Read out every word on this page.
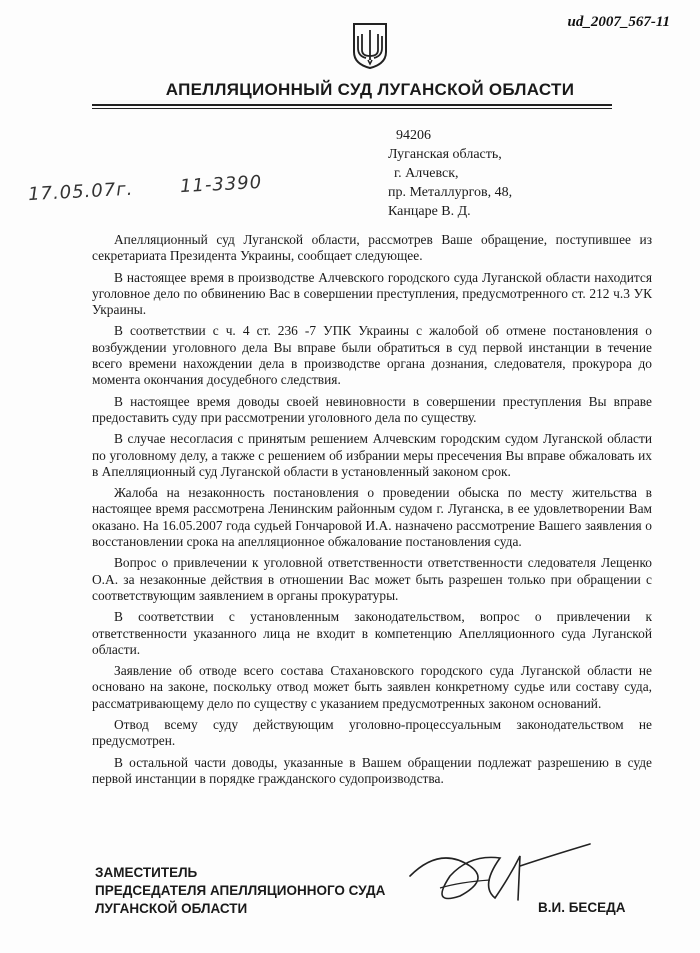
ud_2007_567-11
АПЕЛЛЯЦИОННЫЙ СУД ЛУГАНСКОЙ ОБЛАСТИ
94206
Луганская область,
г. Алчевск,
пр. Металлургов, 48,
Канцаре В. Д.
17.05.07г.	11-3390

Апелляционный суд Луганской области, рассмотрев Ваше обращение, поступившее из секретариата Президента Украины, сообщает следующее.

В настоящее время в производстве Алчевского городского суда Луганской области находится уголовное дело по обвинению Вас в совершении преступления, предусмотренного ст. 212 ч.3 УК Украины.

В соответствии с ч. 4 ст. 236 -7 УПК Украины с жалобой об отмене постановления о возбуждении уголовного дела Вы вправе были обратиться в суд первой инстанции в течение всего времени нахождении дела в производстве органа дознания, следователя, прокурора до момента окончания досудебного следствия.

В настоящее время доводы своей невиновности в совершении преступления Вы вправе предоставить суду при рассмотрении уголовного дела по существу.

В случае несогласия с принятым решением Алчевским городским судом Луганской области по уголовному делу, а также с решением об избрании меры пресечения Вы вправе обжаловать их в Апелляционный суд Луганской области в установленный законом срок.

Жалоба на незаконность постановления о проведении обыска по месту жительства в настоящее время рассмотрена Ленинским районным судом г. Луганска, в ее удовлетворении Вам оказано. На 16.05.2007 года судьей Гончаровой И.А. назначено рассмотрение Вашего заявления о восстановлении срока на апелляционное обжалование постановления суда.

Вопрос о привлечении к уголовной ответственности ответственности следователя Лещенко О.А. за незаконные действия в отношении Вас может быть разрешен только при обращении с соответствующим заявлением в органы прокуратуры.

В соответствии с установленным законодательством, вопрос о привлечении к ответственности указанного лица не входит в компетенцию Апелляционного суда Луганской области.

Заявление об отводе всего состава Стахановского городского суда Луганской области не основано на законе, поскольку отвод может быть заявлен конкретному судье или составу суда, рассматривающему дело по существу с указанием предусмотренных законом оснований.

Отвод всему суду действующим уголовно-процессуальным законодательством не предусмотрен.

В остальной части доводы, указанные в Вашем обращении подлежат разрешению в суде первой инстанции в порядке гражданского судопроизводства.

ЗАМЕСТИТЕЛЬ
ПРЕДСЕДАТЕЛЯ АПЕЛЛЯЦИОННОГО СУДА
ЛУГАНСКОЙ ОБЛАСТИ	В.И. БЕСЕДА
